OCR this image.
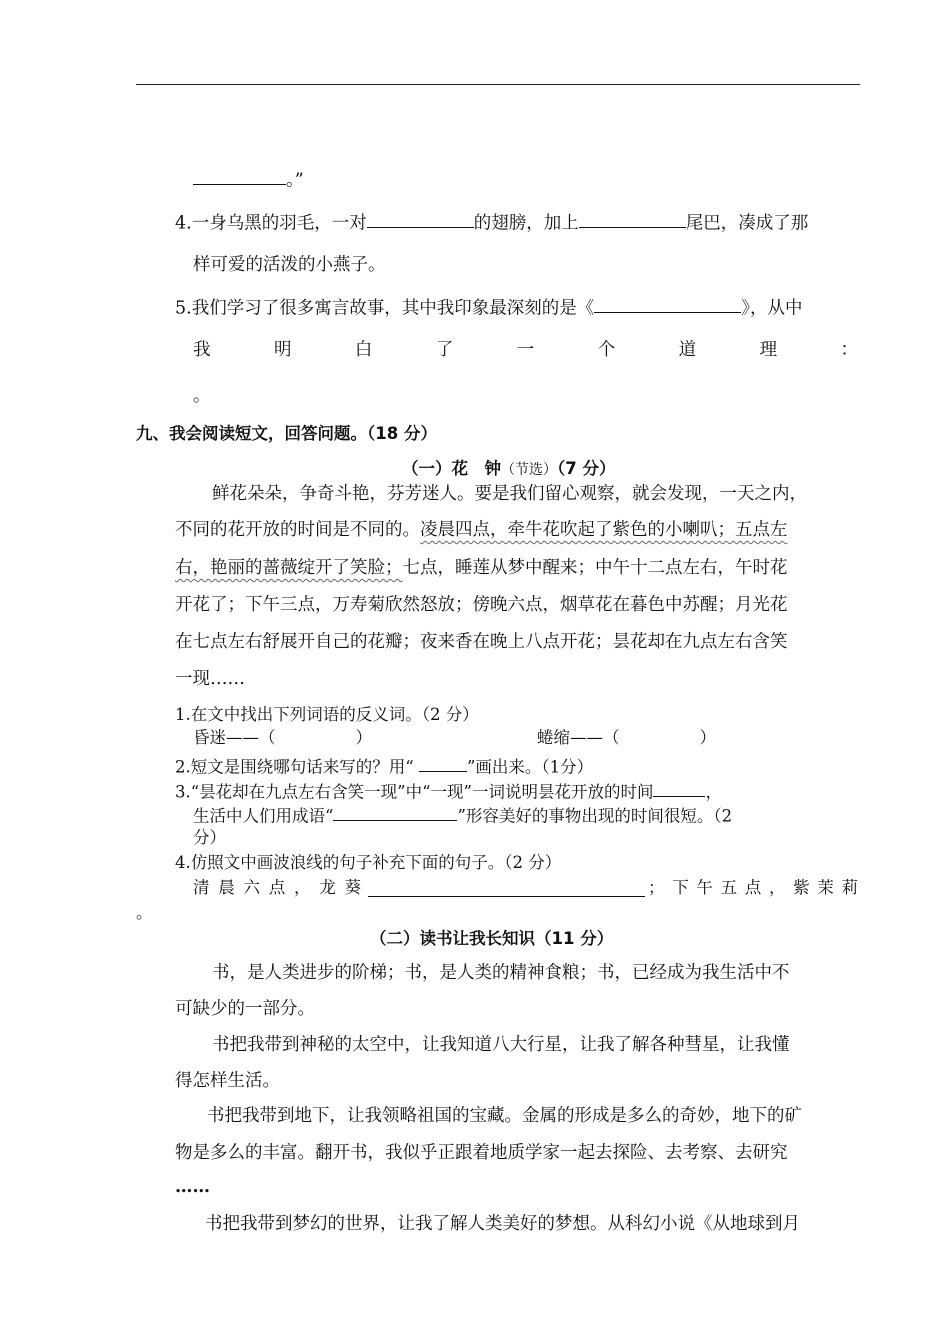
。”
4.一身乌黑的羽毛，一对	的翅膀，加上	尾巴，凑成了那
样可爱的活泼的小燕子。
5.我们学习了很多寓言故事，其中我印象最深刻的是《	》，从中
我	明	白	了	一	个	道	理	：
。
九、我会阅读短文，回答问题。（18 分）
（一）花　钟（节选）（7 分）
鲜花朵朵，争奇斗艳，芬芳迷人。要是我们留心观察，就会发现，一天之内，
不同的花开放的时间是不同的。凌晨四点，牵牛花吹起了紫色的小喇叭；五点左
右，艳丽的蔷薇绽开了笑脸；七点，睡莲从梦中醒来；中午十二点左右，午时花
开花了；下午三点，万寿菊欣然怒放；傍晚六点，烟草花在暮色中苏醒；月光花
在七点左右舒展开自己的花瓣；夜来香在晚上八点开花；昙花却在九点左右含笑
一现……
1.在文中找出下列词语的反义词。（2 分）
昏迷——（	）	蜷缩——（	）
2.短文是围绕哪句话来写的？用“	”画出来。（1分）
3.“昙花却在九点左右含笑一现”中“一现”一词说明昙花开放的时间	，
生活中人们用成语“	”形容美好的事物出现的时间很短。（2
分）
4.仿照文中画波浪线的句子补充下面的句子。（2 分）
清 晨 六 点 ， 龙 葵	； 下 午 五 点 ， 紫 茉 莉
。
（二）读书让我长知识（11 分）
书，是人类进步的阶梯；书，是人类的精神食粮；书，已经成为我生活中不
可缺少的一部分。
书把我带到神秘的太空中，让我知道八大行星，让我了解各种彗星，让我懂
得怎样生活。
书把我带到地下，让我领略祖国的宝藏。金属的形成是多么的奇妙，地下的矿
物是多么的丰富。翻开书，我似乎正跟着地质学家一起去探险、去考察、去研究
……
书把我带到梦幻的世界，让我了解人类美好的梦想。从科幻小说《从地球到月
